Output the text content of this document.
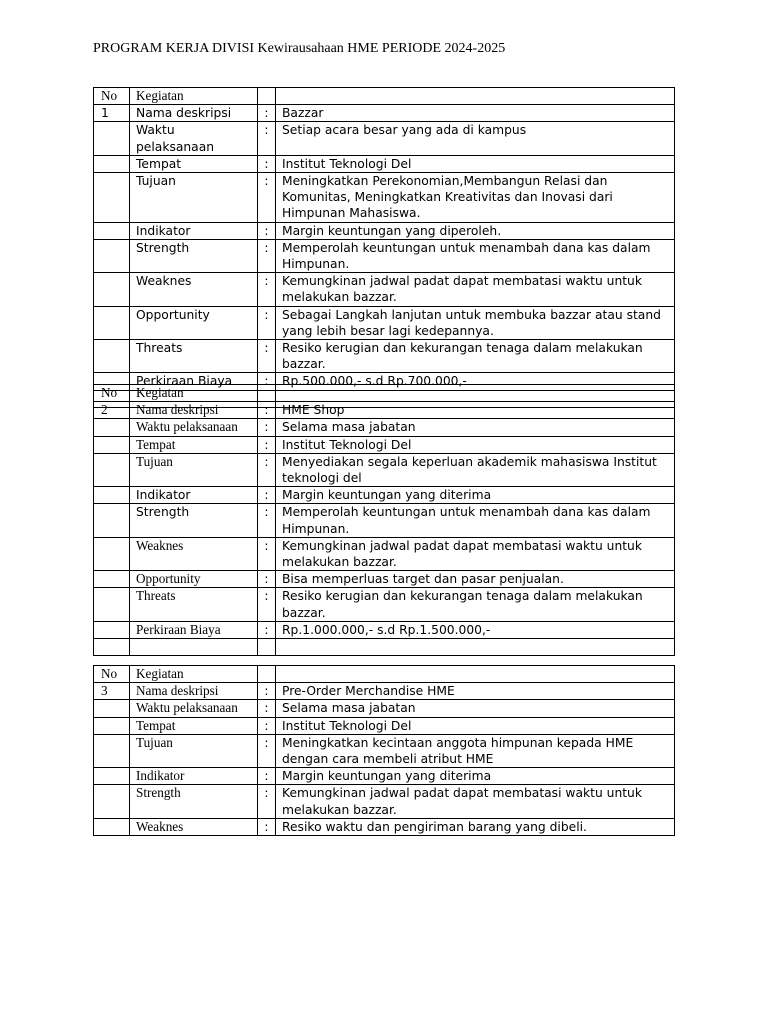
PROGRAM KERJA DIVISI Kewirausahaan HME PERIODE 2024-2025
No	Kegiatan		
1	Nama deskripsi	:	Bazzar
	Waktu pelaksanaan	:	Setiap acara besar yang ada di kampus
	Tempat	:	Institut Teknologi Del
	Tujuan	:	Meningkatkan Perekonomian,Membangun Relasi dan Komunitas, Meningkatkan Kreativitas dan Inovasi dari Himpunan Mahasiswa.
	Indikator	:	Margin keuntungan yang diperoleh.
	Strength	:	Memperolah keuntungan untuk menambah dana kas dalam Himpunan.
	Weaknes	:	Kemungkinan jadwal padat dapat membatasi waktu untuk melakukan bazzar.
	Opportunity	:	Sebagai Langkah lanjutan untuk membuka bazzar atau stand yang lebih besar lagi kedepannya.
	Threats	:	Resiko kerugian dan kekurangan tenaga dalam melakukan bazzar.
	Perkiraan Biaya	:	Rp.500.000,- s.d Rp.700.000,-

No	Kegiatan		
2	Nama deskripsi	:	HME Shop
	Waktu pelaksanaan	:	Selama masa jabatan
	Tempat	:	Institut Teknologi Del
	Tujuan	:	Menyediakan segala keperluan akademik mahasiswa Institut teknologi del
	Indikator	:	Margin keuntungan yang diterima
	Strength	:	Memperolah keuntungan untuk menambah dana kas dalam Himpunan.
	Weaknes	:	Kemungkinan jadwal padat dapat membatasi waktu untuk melakukan bazzar.
	Opportunity	:	Bisa memperluas target dan pasar penjualan.
	Threats	:	Resiko kerugian dan kekurangan tenaga dalam melakukan bazzar.
	Perkiraan Biaya	:	Rp.1.000.000,- s.d Rp.1.500.000,-

No	Kegiatan		
3	Nama deskripsi	:	Pre-Order Merchandise HME
	Waktu pelaksanaan	:	Selama masa jabatan
	Tempat	:	Institut Teknologi Del
	Tujuan	:	Meningkatkan kecintaan anggota himpunan kepada HME dengan cara membeli atribut HME
	Indikator	:	Margin keuntungan yang diterima
	Strength	:	Kemungkinan jadwal padat dapat membatasi waktu untuk melakukan bazzar.
	Weaknes	:	Resiko waktu dan pengiriman barang yang dibeli.
